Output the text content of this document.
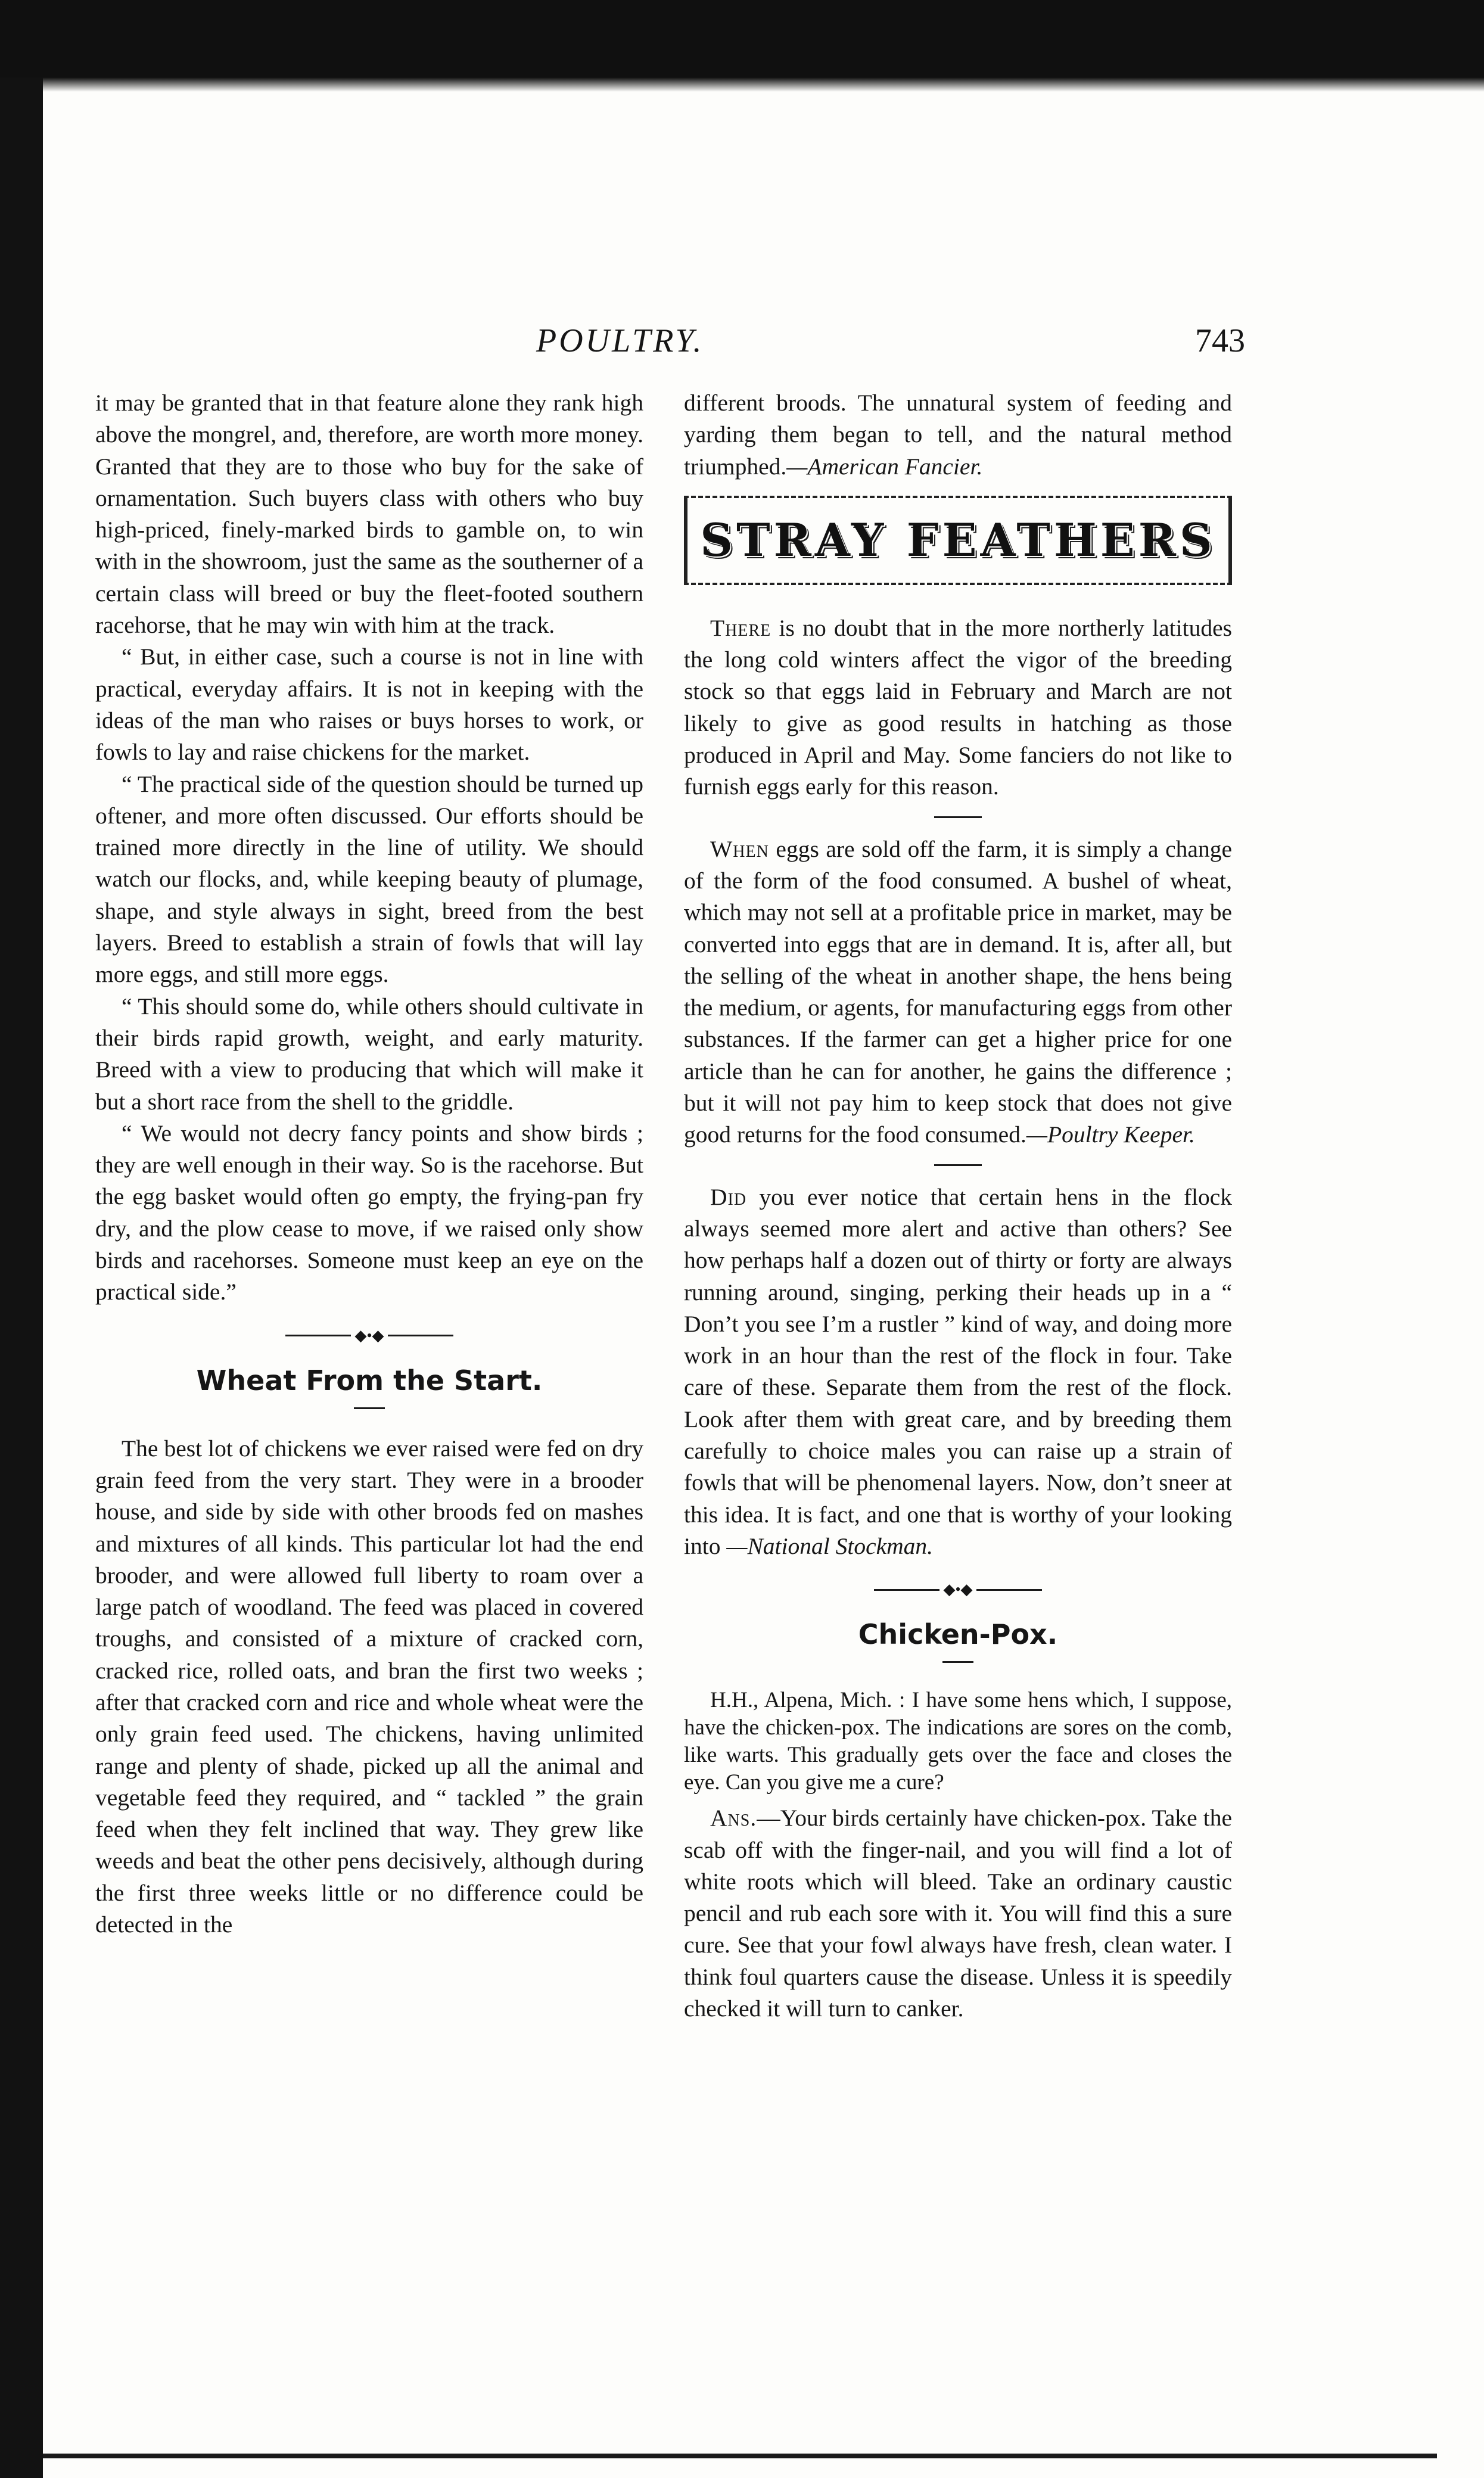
POULTRY.	743

it may be granted that in that feature alone they rank high above the mongrel, and, therefore, are worth more money. Granted that they are to those who buy for the sake of ornamentation. Such buyers class with others who buy high-priced, finely-marked birds to gamble on, to win with in the showroom, just the same as the southerner of a certain class will breed or buy the fleet-footed southern racehorse, that he may win with him at the track.

“ But, in either case, such a course is not in line with practical, everyday affairs. It is not in keeping with the ideas of the man who raises or buys horses to work, or fowls to lay and raise chickens for the market.

“ The practical side of the question should be turned up oftener, and more often discussed. Our efforts should be trained more directly in the line of utility. We should watch our flocks, and, while keeping beauty of plumage, shape, and style always in sight, breed from the best layers. Breed to establish a strain of fowls that will lay more eggs, and still more eggs.

“ This should some do, while others should cultivate in their birds rapid growth, weight, and early maturity. Breed with a view to producing that which will make it but a short race from the shell to the griddle.

“ We would not decry fancy points and show birds ; they are well enough in their way. So is the racehorse. But the egg basket would often go empty, the frying-pan fry dry, and the plow cease to move, if we raised only show birds and racehorses. Someone must keep an eye on the practical side.”

◆•◆
Wheat From the Start.

The best lot of chickens we ever raised were fed on dry grain feed from the very start. They were in a brooder house, and side by side with other broods fed on mashes and mixtures of all kinds. This particular lot had the end brooder, and were allowed full liberty to roam over a large patch of woodland. The feed was placed in covered troughs, and consisted of a mixture of cracked corn, cracked rice, rolled oats, and bran the first two weeks ; after that cracked corn and rice and whole wheat were the only grain feed used. The chickens, having unlimited range and plenty of shade, picked up all the animal and vegetable feed they required, and “ tackled ” the grain feed when they felt inclined that way. They grew like weeds and beat the other pens decisively, although during the first three weeks little or no difference could be detected in the

different broods. The unnatural system of feeding and yarding them began to tell, and the natural method triumphed.—American Fancier.

STRAY FEATHERS

There is no doubt that in the more northerly latitudes the long cold winters affect the vigor of the breeding stock so that eggs laid in February and March are not likely to give as good results in hatching as those produced in April and May. Some fanciers do not like to furnish eggs early for this reason.

When eggs are sold off the farm, it is simply a change of the form of the food consumed. A bushel of wheat, which may not sell at a profitable price in market, may be converted into eggs that are in demand. It is, after all, but the selling of the wheat in another shape, the hens being the medium, or agents, for manufacturing eggs from other substances. If the farmer can get a higher price for one article than he can for another, he gains the difference ; but it will not pay him to keep stock that does not give good returns for the food consumed.—Poultry Keeper.

Did you ever notice that certain hens in the flock always seemed more alert and active than others? See how perhaps half a dozen out of thirty or forty are always running around, singing, perking their heads up in a “ Don’t you see I’m a rustler ” kind of way, and doing more work in an hour than the rest of the flock in four. Take care of these. Separate them from the rest of the flock. Look after them with great care, and by breeding them carefully to choice males you can raise up a strain of fowls that will be phenomenal layers. Now, don’t sneer at this idea. It is fact, and one that is worthy of your looking into —National Stockman.

◆•◆
Chicken-Pox.

H.H., Alpena, Mich. : I have some hens which, I suppose, have the chicken-pox. The indications are sores on the comb, like warts. This gradually gets over the face and closes the eye. Can you give me a cure?

Ans.—Your birds certainly have chicken-pox. Take the scab off with the finger-nail, and you will find a lot of white roots which will bleed. Take an ordinary caustic pencil and rub each sore with it. You will find this a sure cure. See that your fowl always have fresh, clean water. I think foul quarters cause the disease. Unless it is speedily checked it will turn to canker.
